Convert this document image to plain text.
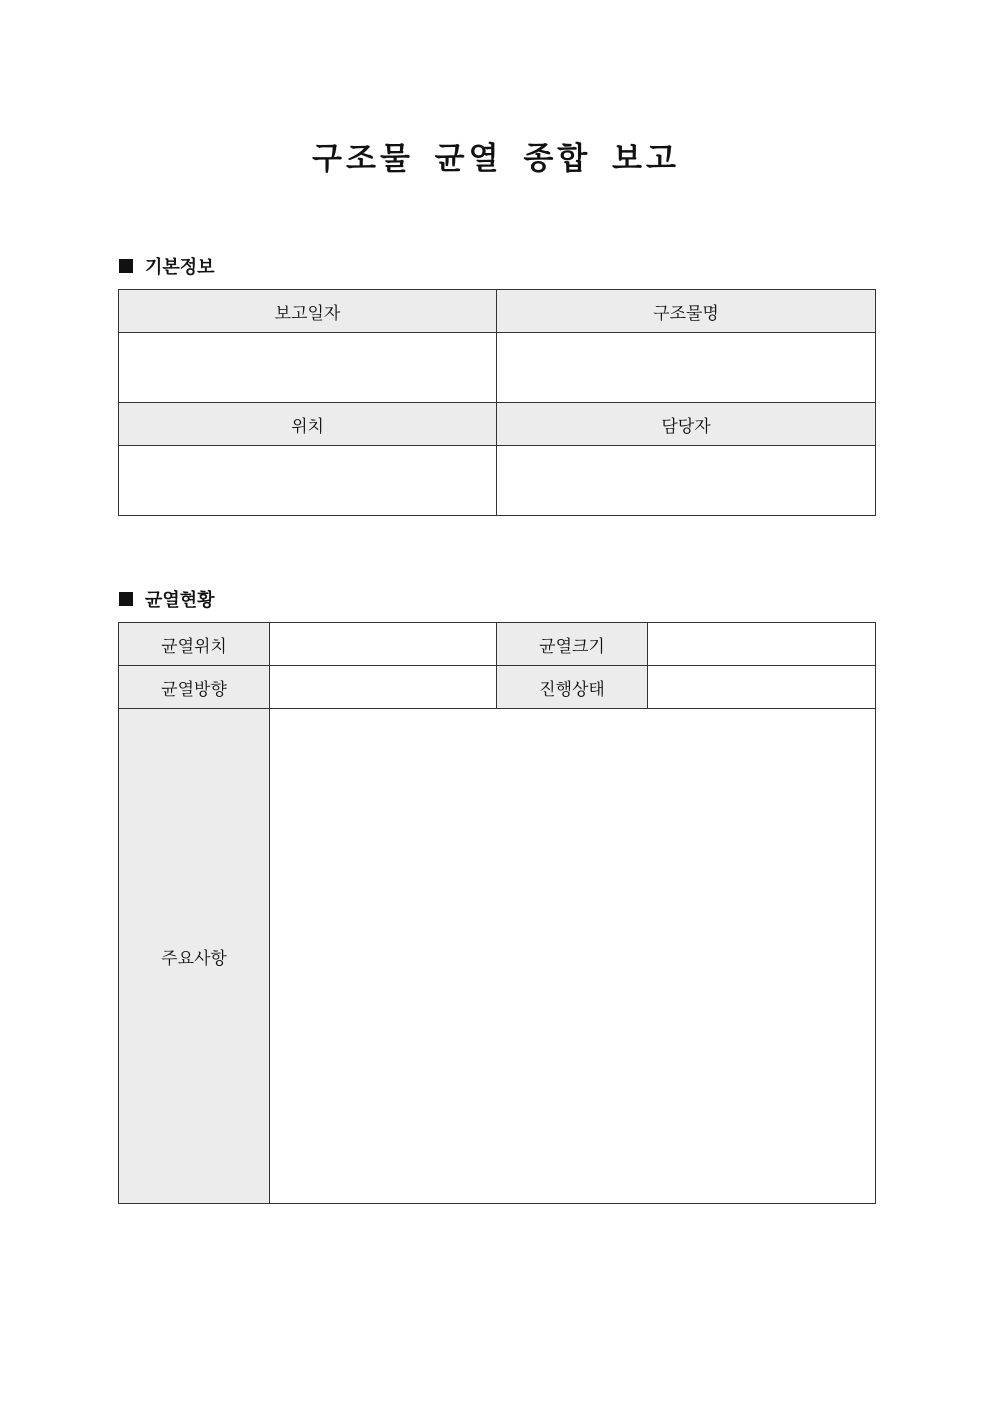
구조물 균열 종합 보고
기본정보
보고일자	구조물명

위치	담당자

균열현황
균열위치		균열크기	
균열방향		진행상태	
주요사항			
